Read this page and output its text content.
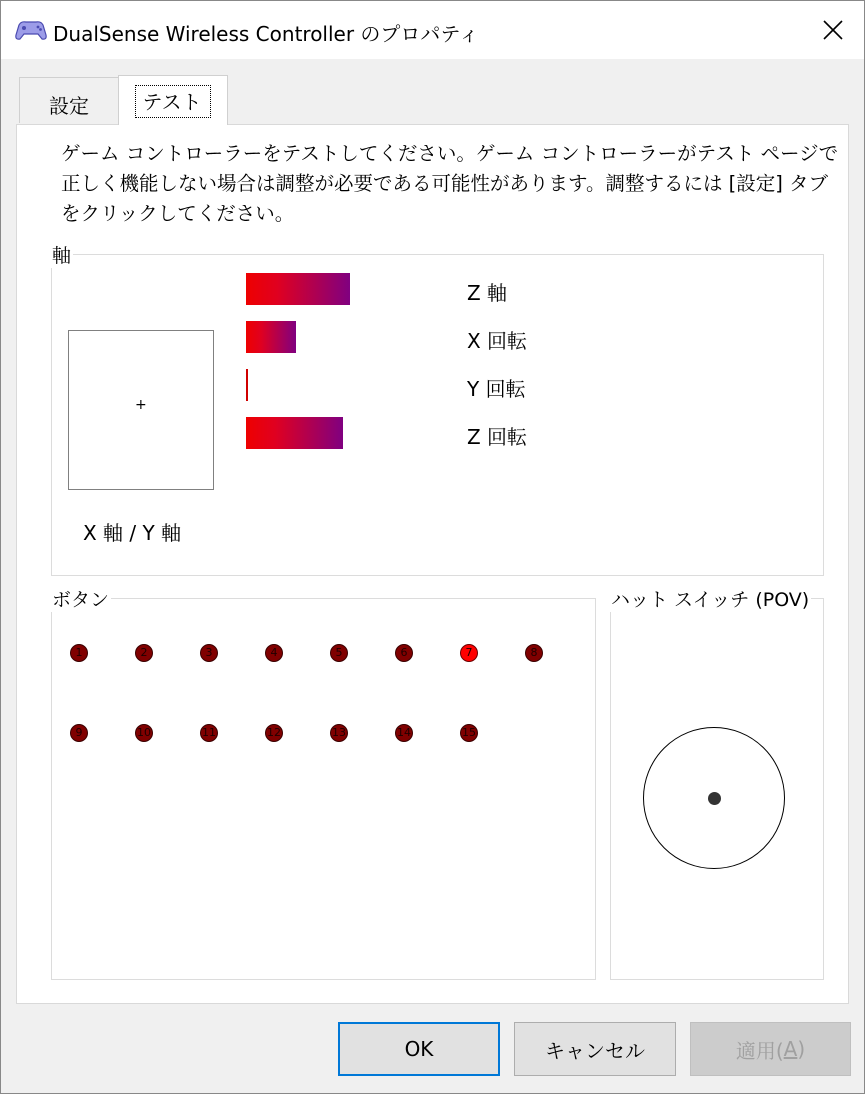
DualSense Wireless Controller のプロパティ
設定	テスト
ゲーム コントローラーをテストしてください。ゲーム コントローラーがテスト ページで正しく機能しない場合は調整が必要である可能性があります。調整するには [設定] タブをクリックしてください。
軸
+
X 軸 / Y 軸
Z 軸
X 回転
Y 回転
Z 回転
ボタン
1	2	3	4	5	6	7	8
9	10	11	12	13	14	15
ハット スイッチ (POV)
OK	キャンセル	適用( A )
